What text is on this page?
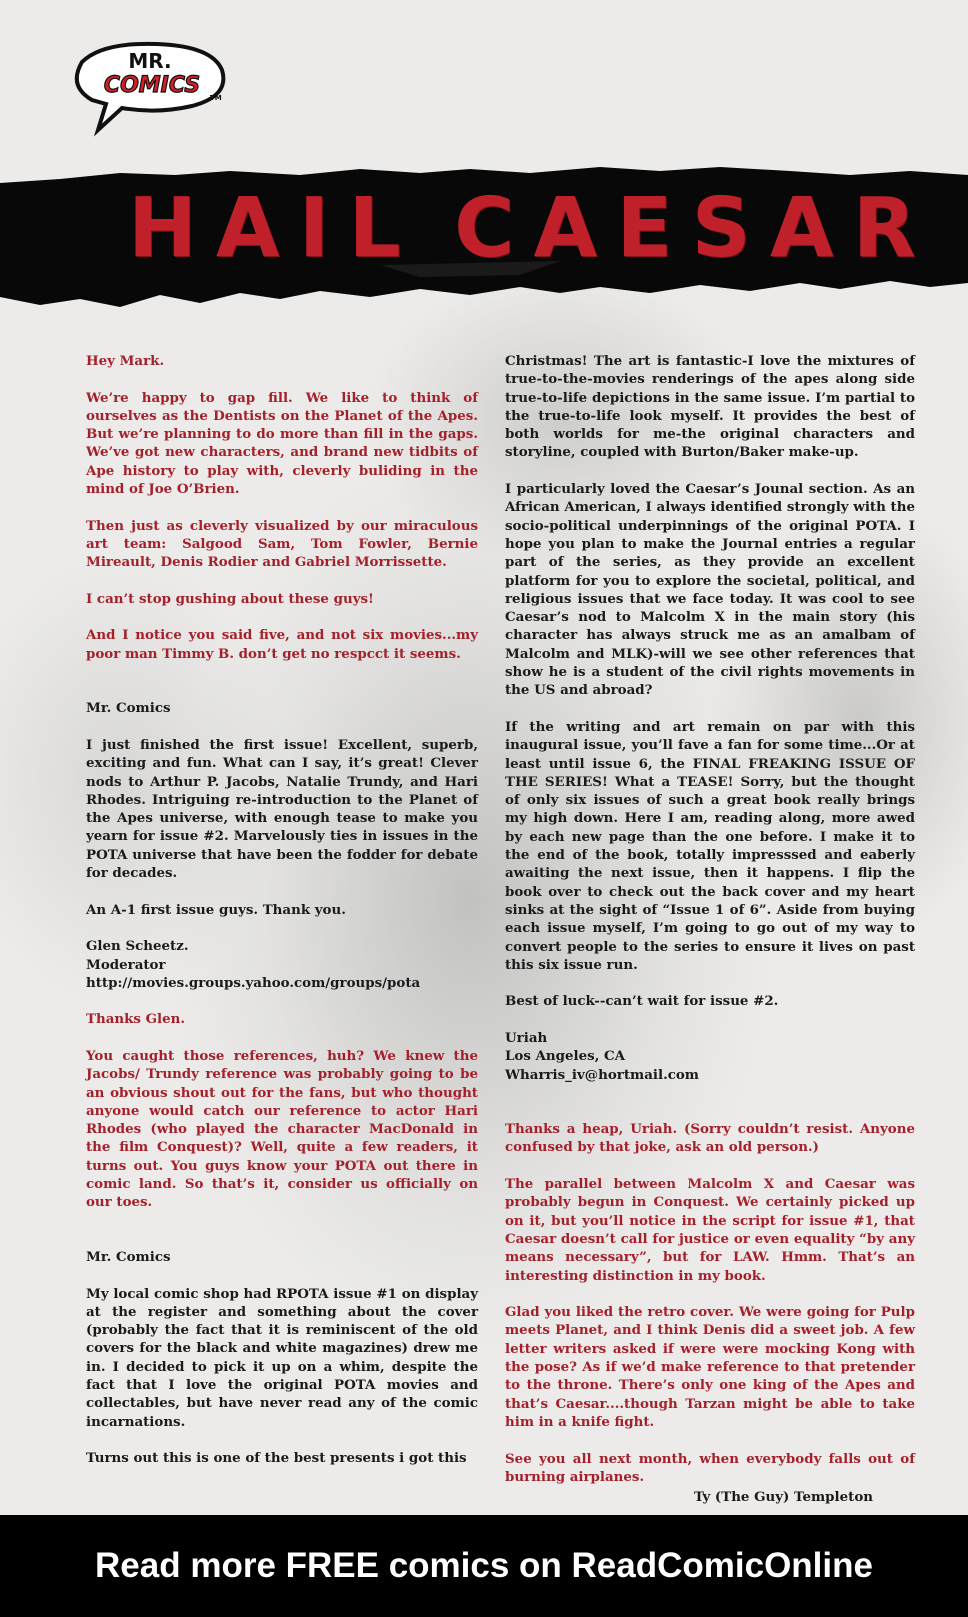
MR.
COMICS TM
H A I L C A E S A R

Hey Mark.

We’re happy to gap fill. We like to think of ourselves as the Dentists on the Planet of the Apes. But we’re planning to do more than fill in the gaps. We’ve got new characters, and brand new tidbits of Ape history to play with, cleverly buliding in the mind of Joe O’Brien.

Then just as cleverly visualized by our miraculous art team: Salgood Sam, Tom Fowler, Bernie Mireault, Denis Rodier and Gabriel Morrissette.

I can’t stop gushing about these guys!

And I notice you said five, and not six movies...my poor man Timmy B. don’t get no respcct it seems.

Mr. Comics

I just finished the first issue! Excellent, superb, exciting and fun. What can I say, it’s great! Clever nods to Arthur P. Jacobs, Natalie Trundy, and Hari Rhodes. Intriguing re-introduction to the Planet of the Apes universe, with enough tease to make you yearn for issue #2. Marvelously ties in issues in the POTA universe that have been the fodder for debate for decades.

An A-1 first issue guys. Thank you.

Glen Scheetz.
Moderator
http://movies.groups.yahoo.com/groups/pota

Thanks Glen.

You caught those references, huh? We knew the Jacobs/ Trundy reference was probably going to be an obvious shout out for the fans, but who thought anyone would catch our reference to actor Hari Rhodes (who played the character MacDonald in the film Conquest)? Well, quite a few readers, it turns out. You guys know your POTA out there in comic land. So that’s it, consider us officially on our toes.

Mr. Comics

My local comic shop had RPOTA issue #1 on display at the register and something about the cover (probably the fact that it is reminiscent of the old covers for the black and white magazines) drew me in. I decided to pick it up on a whim, despite the fact that I love the original POTA movies and collectables, but have never read any of the comic incarnations.

Turns out this is one of the best presents i got this

Christmas! The art is fantastic-I love the mixtures of true-to-the-movies renderings of the apes along side true-to-life depictions in the same issue. I’m partial to the true-to-life look myself. It provides the best of both worlds for me-the original characters and storyline, coupled with Burton/Baker make-up.

I particularly loved the Caesar’s Jounal section. As an African American, I always identified strongly with the socio-political underpinnings of the original POTA. I hope you plan to make the Journal entries a regular part of the series, as they provide an excellent platform for you to explore the societal, political, and religious issues that we face today. It was cool to see Caesar’s nod to Malcolm X in the main story (his character has always struck me as an amalbam of Malcolm and MLK)-will we see other references that show he is a student of the civil rights movements in the US and abroad?

If the writing and art remain on par with this inaugural issue, you’ll fave a fan for some time...Or at least until issue 6, the FINAL FREAKING ISSUE OF THE SERIES! What a TEASE! Sorry, but the thought of only six issues of such a great book really brings my high down. Here I am, reading along, more awed by each new page than the one before. I make it to the end of the book, totally impresssed and eaberly awaiting the next issue, then it happens. I flip the book over to check out the back cover and my heart sinks at the sight of “Issue 1 of 6”. Aside from buying each issue myself, I’m going to go out of my way to convert people to the series to ensure it lives on past this six issue run.

Best of luck--can’t wait for issue #2.

Uriah
Los Angeles, CA
Wharris_iv@hortmail.com

Thanks a heap, Uriah. (Sorry couldn’t resist. Anyone confused by that joke, ask an old person.)

The parallel between Malcolm X and Caesar was probably begun in Conquest. We certainly picked up on it, but you’ll notice in the script for issue #1, that Caesar doesn’t call for justice or even equality “by any means necessary”, but for LAW. Hmm. That’s an interesting distinction in my book.

Glad you liked the retro cover. We were going for Pulp meets Planet, and I think Denis did a sweet job. A few letter writers asked if were were mocking Kong with the pose? As if we’d make reference to that pretender to the throne. There’s only one king of the Apes and that’s Caesar....though Tarzan might be able to take him in a knife fight.

See you all next month, when everybody falls out of burning airplanes.

Ty (The Guy) Templeton
Read more FREE comics on ReadComicOnline
